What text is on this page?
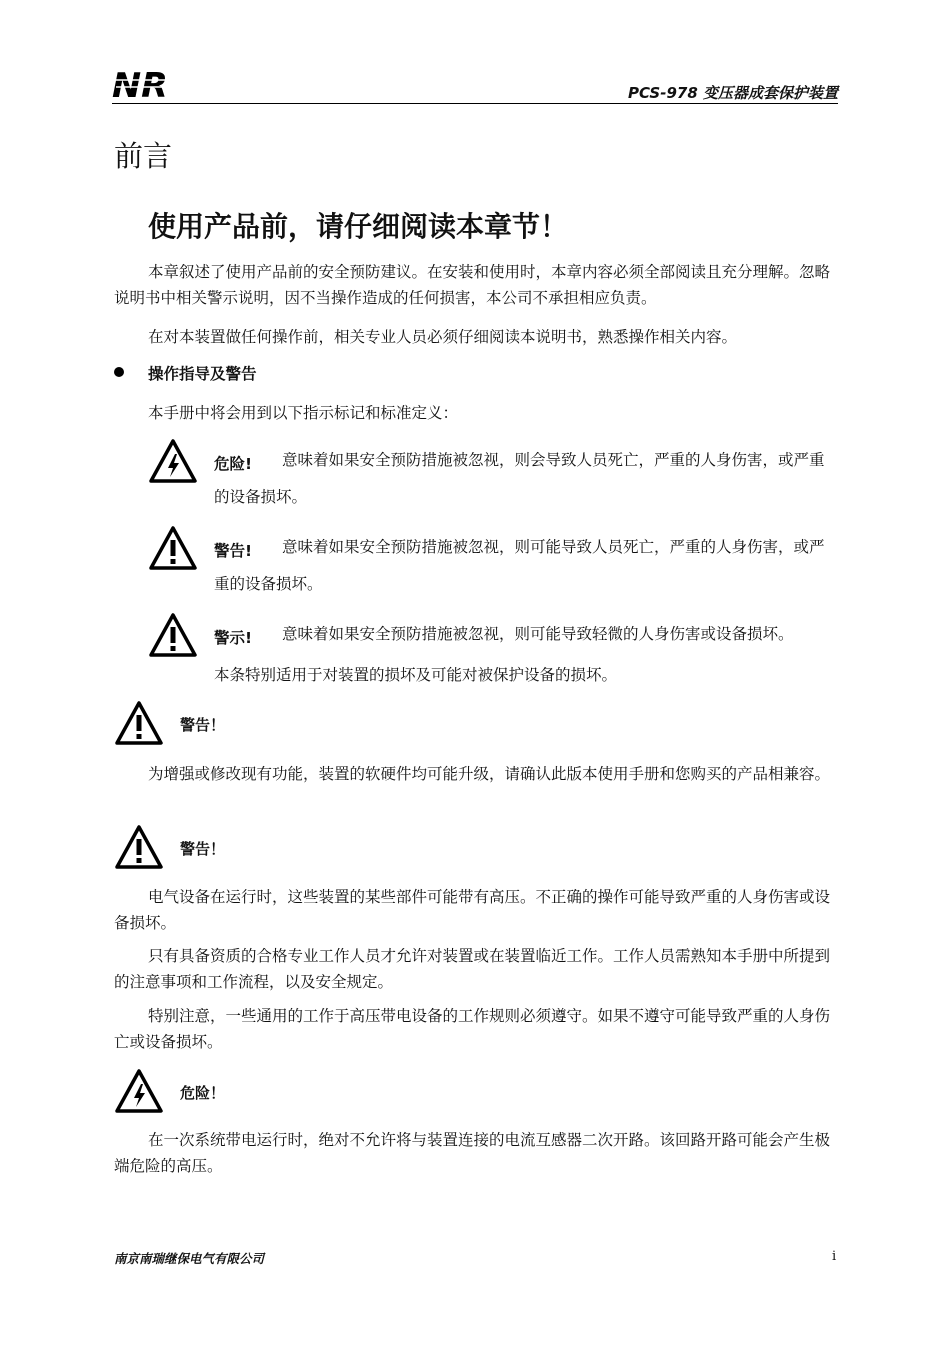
NR	PCS-978 变压器成套保护装置
前言
使用产品前，请仔细阅读本章节！

本章叙述了使用产品前的安全预防建议。在安装和使用时，本章内容必须全部阅读且充分理解。忽略说明书中相关警示说明，因不当操作造成的任何损害，本公司不承担相应负责。

在对本装置做任何操作前，相关专业人员必须仔细阅读本说明书，熟悉操作相关内容。

操作指导及警告
本手册中将会用到以下指示标记和标准定义：
危险!	意味着如果安全预防措施被忽视，则会导致人员死亡，严重的人身伤害，或严重的设备损坏。

警告!	意味着如果安全预防措施被忽视，则可能导致人员死亡，严重的人身伤害，或严重的设备损坏。

警示!	意味着如果安全预防措施被忽视，则可能导致轻微的人身伤害或设备损坏。

本条特别适用于对装置的损坏及可能对被保护设备的损坏。
警告！

为增强或修改现有功能，装置的软硬件均可能升级，请确认此版本使用手册和您购买的产品相兼容。

警告！

电气设备在运行时，这些装置的某些部件可能带有高压。不正确的操作可能导致严重的人身伤害或设备损坏。

只有具备资质的合格专业工作人员才允许对装置或在装置临近工作。工作人员需熟知本手册中所提到的注意事项和工作流程，以及安全规定。

特别注意，一些通用的工作于高压带电设备的工作规则必须遵守。如果不遵守可能导致严重的人身伤亡或设备损坏。

危险！

在一次系统带电运行时，绝对不允许将与装置连接的电流互感器二次开路。该回路开路可能会产生极端危险的高压。

南京南瑞继保电气有限公司	i
